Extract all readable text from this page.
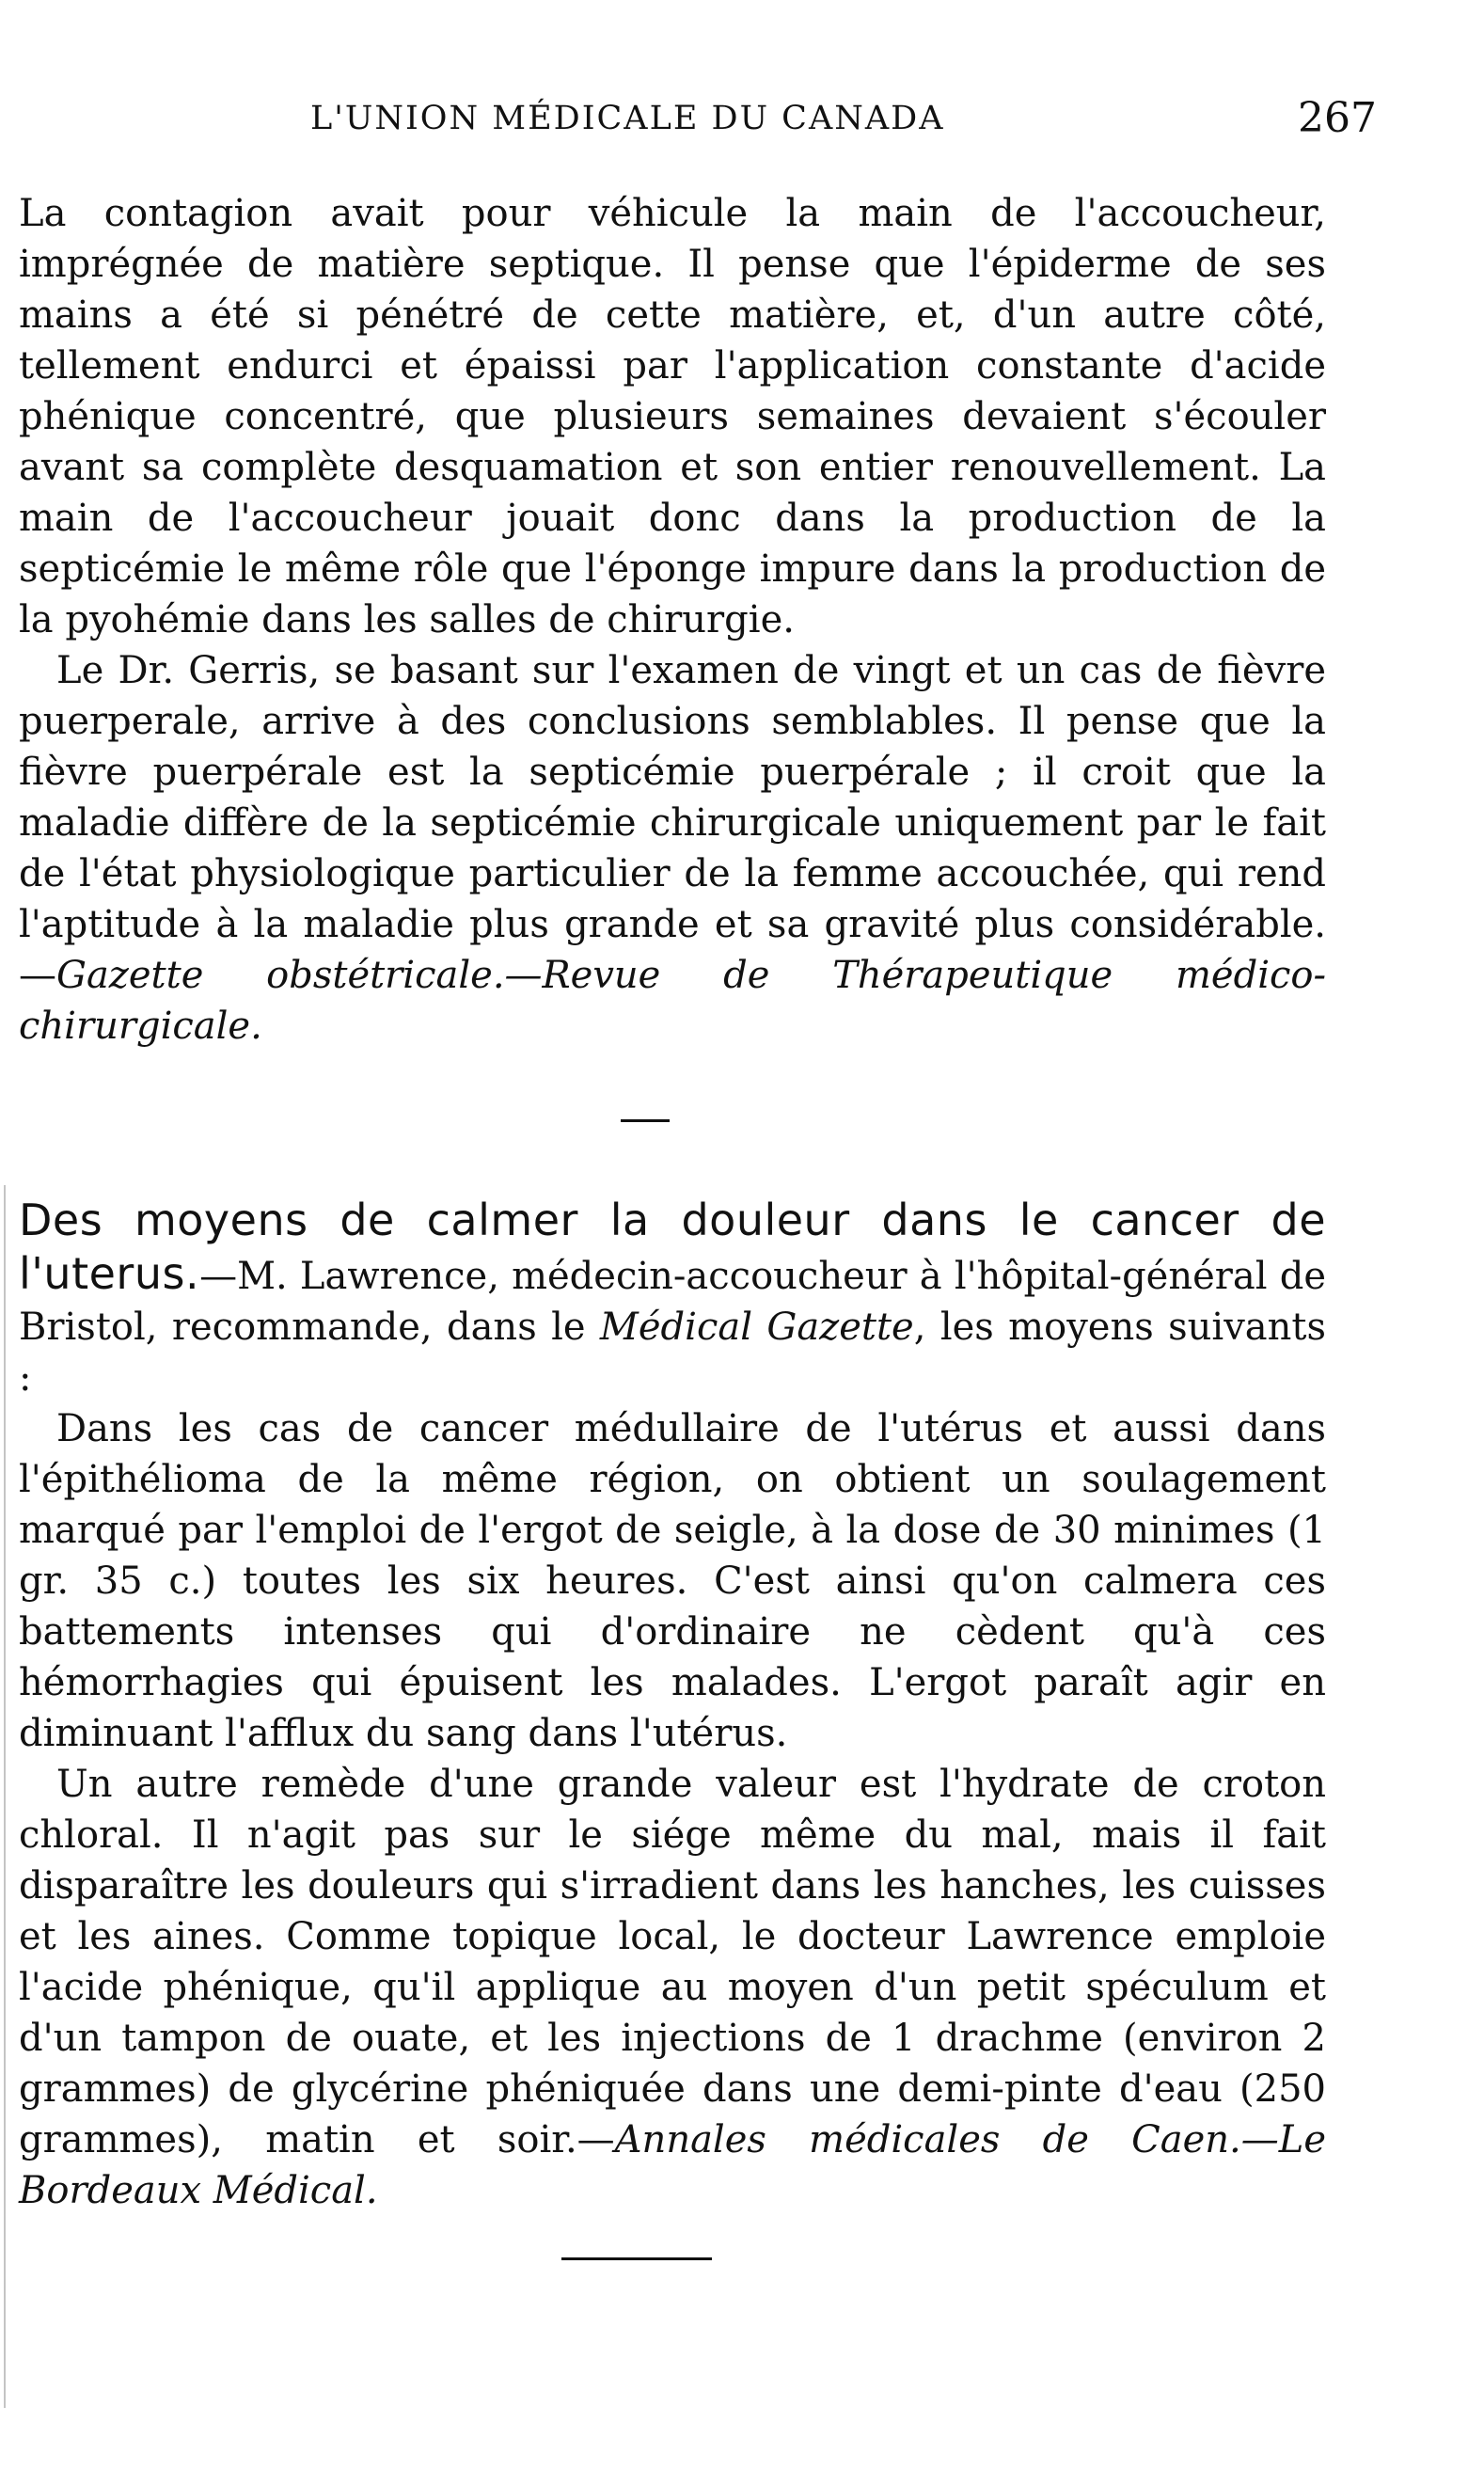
L'UNION MÉDICALE DU CANADA	267

La contagion avait pour véhicule la main de l'accoucheur, imprégnée de matière septique. Il pense que l'épiderme de ses mains a été si pénétré de cette matière, et, d'un autre côté, tellement endurci et épaissi par l'application constante d'acide phénique concentré, que plusieurs semaines devaient s'écouler avant sa complète desquamation et son entier renouvellement. La main de l'accoucheur jouait donc dans la production de la septicémie le même rôle que l'éponge impure dans la production de la pyohémie dans les salles de chirurgie.

Le Dr. Gerris, se basant sur l'examen de vingt et un cas de fièvre puerperale, arrive à des conclusions semblables. Il pense que la fièvre puerpérale est la septicémie puerpérale ; il croit que la maladie diffère de la septicémie chirurgicale uniquement par le fait de l'état physiologique particulier de la femme accouchée, qui rend l'aptitude à la maladie plus grande et sa gravité plus considérable.—Gazette obstétricale.—Revue de Thérapeutique médico-chirurgicale.

Des moyens de calmer la douleur dans le cancer de l'uterus.—M. Lawrence, médecin-accoucheur à l'hôpital-général de Bristol, recommande, dans le Médical Gazette, les moyens suivants :

Dans les cas de cancer médullaire de l'utérus et aussi dans l'épithélioma de la même région, on obtient un soulagement marqué par l'emploi de l'ergot de seigle, à la dose de 30 minimes (1 gr. 35 c.) toutes les six heures. C'est ainsi qu'on calmera ces battements intenses qui d'ordinaire ne cèdent qu'à ces hémorrhagies qui épuisent les malades. L'ergot paraît agir en diminuant l'afflux du sang dans l'utérus.

Un autre remède d'une grande valeur est l'hydrate de croton chloral. Il n'agit pas sur le siége même du mal, mais il fait disparaître les douleurs qui s'irradient dans les hanches, les cuisses et les aines. Comme topique local, le docteur Lawrence emploie l'acide phénique, qu'il applique au moyen d'un petit spéculum et d'un tampon de ouate, et les injections de 1 drachme (environ 2 grammes) de glycérine phéniquée dans une demi-pinte d'eau (250 grammes), matin et soir.—Annales médicales de Caen.—Le Bordeaux Médical.
